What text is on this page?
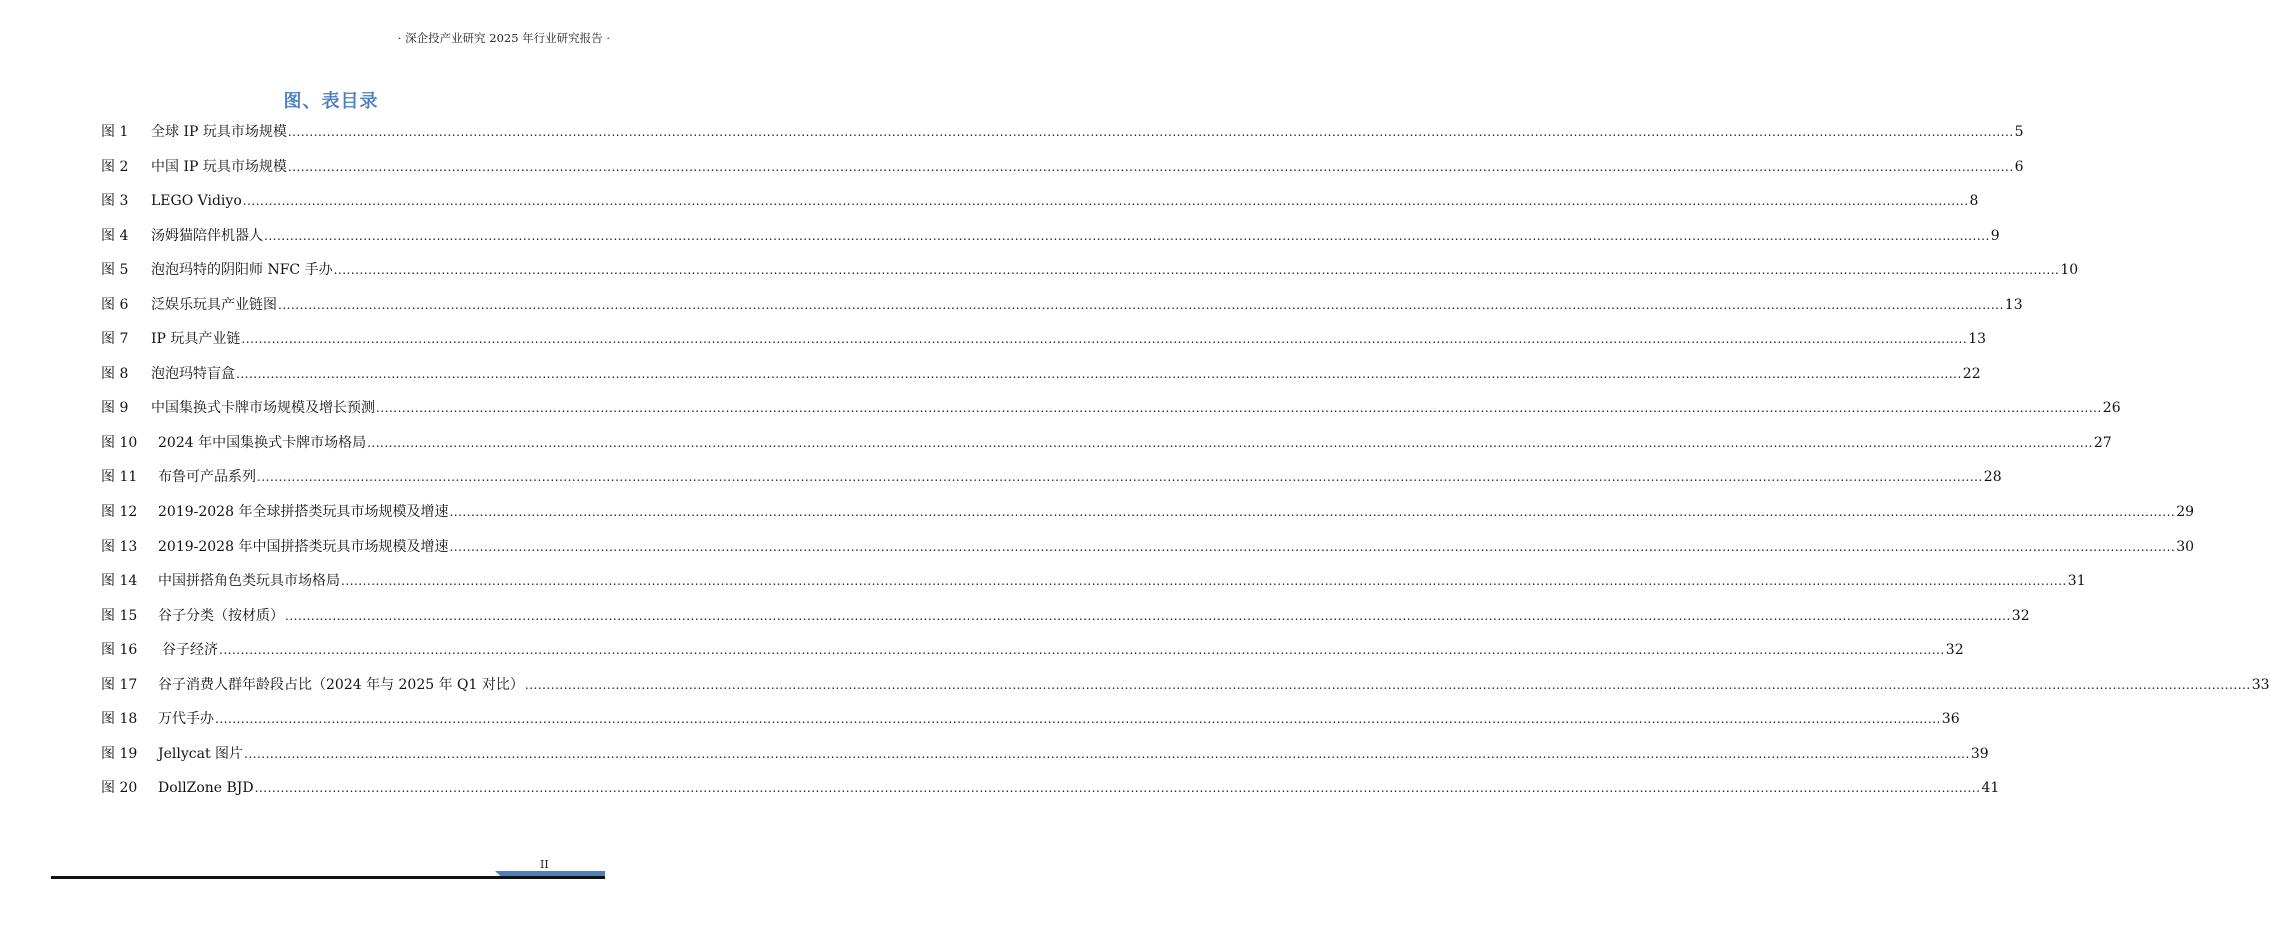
· 深企投产业研究 2025 年行业研究报告 ·
图、表目录
图 1	全球 IP 玩具市场规模 ................................................................................................................................................................................................................................................................................................................................................................................................................ 5
图 2	中国 IP 玩具市场规模 ................................................................................................................................................................................................................................................................................................................................................................................................................ 6
图 3	LEGO Vidiyo ................................................................................................................................................................................................................................................................................................................................................................................................................ 8
图 4	汤姆猫陪伴机器人 ................................................................................................................................................................................................................................................................................................................................................................................................................ 9
图 5	泡泡玛特的阴阳师 NFC 手办 ................................................................................................................................................................................................................................................................................................................................................................................................................ 10
图 6	泛娱乐玩具产业链图 ................................................................................................................................................................................................................................................................................................................................................................................................................ 13
图 7	IP 玩具产业链 ................................................................................................................................................................................................................................................................................................................................................................................................................ 13
图 8	泡泡玛特盲盒 ................................................................................................................................................................................................................................................................................................................................................................................................................ 22
图 9	中国集换式卡牌市场规模及增长预测 ................................................................................................................................................................................................................................................................................................................................................................................................................ 26
图 10	2024 年中国集换式卡牌市场格局 ................................................................................................................................................................................................................................................................................................................................................................................................................ 27
图 11	布鲁可产品系列 ................................................................................................................................................................................................................................................................................................................................................................................................................ 28
图 12	2019-2028 年全球拼搭类玩具市场规模及增速 ................................................................................................................................................................................................................................................................................................................................................................................................................ 29
图 13	2019-2028 年中国拼搭类玩具市场规模及增速 ................................................................................................................................................................................................................................................................................................................................................................................................................ 30
图 14	中国拼搭角色类玩具市场格局 ................................................................................................................................................................................................................................................................................................................................................................................................................ 31
图 15	谷子分类（按材质） ................................................................................................................................................................................................................................................................................................................................................................................................................ 32
图 16	谷子经济 ................................................................................................................................................................................................................................................................................................................................................................................................................ 32
图 17	谷子消费人群年龄段占比（2024 年与 2025 年 Q1 对比） ................................................................................................................................................................................................................................................................................................................................................................................................................ 33
图 18	万代手办 ................................................................................................................................................................................................................................................................................................................................................................................................................ 36
图 19	Jellycat 图片 ................................................................................................................................................................................................................................................................................................................................................................................................................ 39
图 20	DollZone BJD ................................................................................................................................................................................................................................................................................................................................................................................................................ 41
II
